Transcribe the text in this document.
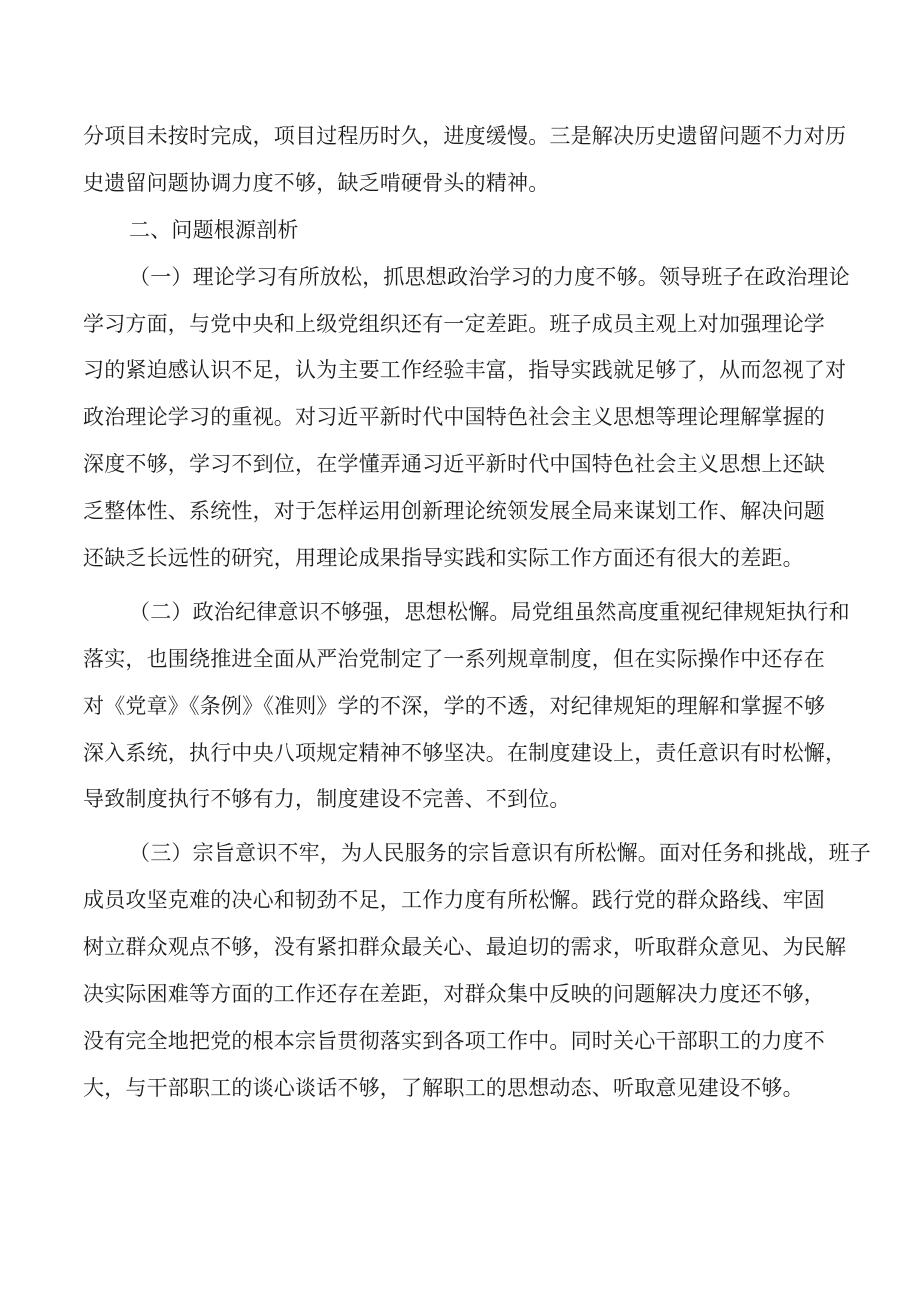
分项目未按时完成，项目过程历时久，进度缓慢。三是解决历史遗留问题不力对历
史遗留问题协调力度不够，缺乏啃硬骨头的精神。
二、问题根源剖析
（一）理论学习有所放松，抓思想政治学习的力度不够。领导班子在政治理论
学习方面，与党中央和上级党组织还有一定差距。班子成员主观上对加强理论学
习的紧迫感认识不足，认为主要工作经验丰富，指导实践就足够了，从而忽视了对
政治理论学习的重视。对习近平新时代中国特色社会主义思想等理论理解掌握的
深度不够，学习不到位，在学懂弄通习近平新时代中国特色社会主义思想上还缺
乏整体性、系统性，对于怎样运用创新理论统领发展全局来谋划工作、解决问题
还缺乏长远性的研究，用理论成果指导实践和实际工作方面还有很大的差距。
（二）政治纪律意识不够强，思想松懈。局党组虽然高度重视纪律规矩执行和
落实，也围绕推进全面从严治党制定了一系列规章制度，但在实际操作中还存在
对《党章》《条例》《准则》学的不深，学的不透，对纪律规矩的理解和掌握不够
深入系统，执行中央八项规定精神不够坚决。在制度建设上，责任意识有时松懈，
导致制度执行不够有力，制度建设不完善、不到位。
（三）宗旨意识不牢，为人民服务的宗旨意识有所松懈。面对任务和挑战，班子
成员攻坚克难的决心和韧劲不足，工作力度有所松懈。践行党的群众路线、牢固
树立群众观点不够，没有紧扣群众最关心、最迫切的需求，听取群众意见、为民解
决实际困难等方面的工作还存在差距，对群众集中反映的问题解决力度还不够，
没有完全地把党的根本宗旨贯彻落实到各项工作中。同时关心干部职工的力度不
大，与干部职工的谈心谈话不够，了解职工的思想动态、听取意见建设不够。
